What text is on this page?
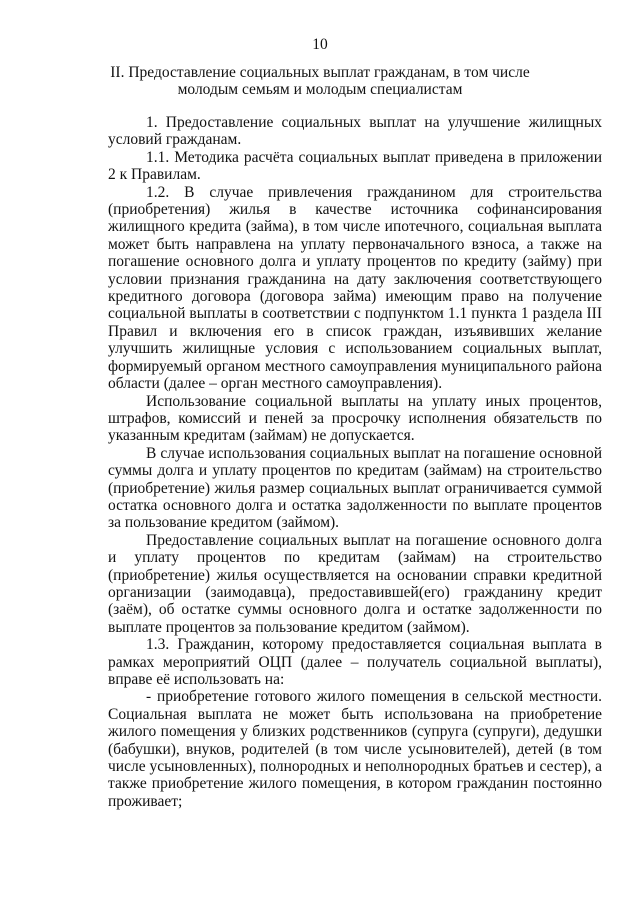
10
II. Предоставление социальных выплат гражданам, в том числе молодым семьям и молодым специалистам

1. Предоставление социальных выплат на улучшение жилищных условий гражданам.

1.1. Методика расчёта социальных выплат приведена в приложении 2 к Правилам.

1.2. В случае привлечения гражданином для строительства (приобретения) жилья в качестве источника софинансирования жилищного кредита (займа), в том числе ипотечного, социальная выплата может быть направлена на уплату первоначального взноса, а также на погашение основного долга и уплату процентов по кредиту (займу) при условии признания гражданина на дату заключения соответствующего кредитного договора (договора займа) имеющим право на получение социальной выплаты в соответствии с подпунктом 1.1 пункта 1 раздела III Правил и включения его в список граждан, изъявивших желание улучшить жилищные условия с использованием социальных выплат, формируемый органом местного самоуправления муниципального района области (далее – орган местного самоуправления).

Использование социальной выплаты на уплату иных процентов, штрафов, комиссий и пеней за просрочку исполнения обязательств по указанным кредитам (займам) не допускается.

В случае использования социальных выплат на погашение основной суммы долга и уплату процентов по кредитам (займам) на строительство (приобретение) жилья размер социальных выплат ограничивается суммой остатка основного долга и остатка задолженности по выплате процентов за пользование кредитом (займом).

Предоставление социальных выплат на погашение основного долга и уплату процентов по кредитам (займам) на строительство (приобретение) жилья осуществляется на основании справки кредитной организации (заимодавца), предоставившей(его) гражданину кредит (заём), об остатке суммы основного долга и остатке задолженности по выплате процентов за пользование кредитом (займом).

1.3. Гражданин, которому предоставляется социальная выплата в рамках мероприятий ОЦП (далее – получатель социальной выплаты), вправе её использовать на:

- приобретение готового жилого помещения в сельской местности. Социальная выплата не может быть использована на приобретение жилого помещения у близких родственников (супруга (супруги), дедушки (бабушки), внуков, родителей (в том числе усыновителей), детей (в том числе усыновленных), полнородных и неполнородных братьев и сестер), а также приобретение жилого помещения, в котором гражданин постоянно проживает;
